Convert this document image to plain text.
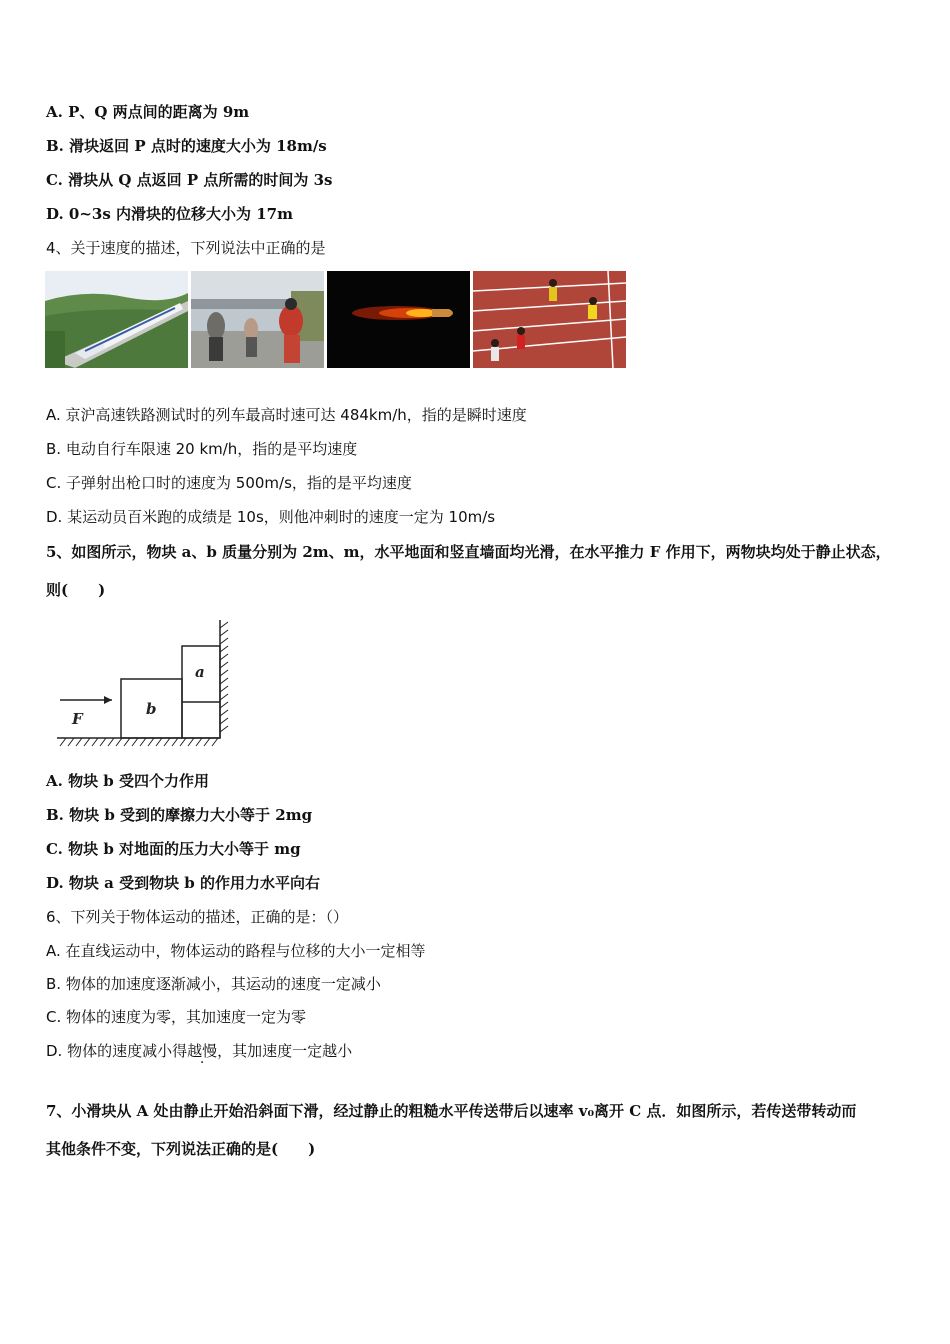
A. P、Q 两点间的距离为 9m
B. 滑块返回 P 点时的速度大小为 18m/s
C. 滑块从 Q 点返回 P 点所需的时间为 3s
D. 0~3s 内滑块的位移大小为 17m
4、关于速度的描述，下列说法中正确的是
A. 京沪高速铁路测试时的列车最高时速可达 484km/h，指的是瞬时速度
B. 电动自行车限速 20 km/h，指的是平均速度
C. 子弹射出枪口时的速度为 500m/s，指的是平均速度
D. 某运动员百米跑的成绩是 10s，则他冲刺时的速度一定为 10m/s
5、如图所示，物块 a、b 质量分别为 2m、m，水平地面和竖直墙面均光滑，在水平推力 F 作用下，两物块均处于静止状态，
则(　　)
F
b
a
A. 物块 b 受四个力作用
B. 物块 b 受到的摩擦力大小等于 2mg
C. 物块 b 对地面的压力大小等于 mg
D. 物块 a 受到物块 b 的作用力水平向右
6、下列关于物体运动的描述，正确的是：（）
A. 在直线运动中，物体运动的路程与位移的大小一定相等
B. 物体的加速度逐渐减小，其运动的速度一定减小
C. 物体的速度为零，其加速度一定为零
D. 物体的速度减小得越慢，其加速度一定越小
7、小滑块从 A 处由静止开始沿斜面下滑，经过静止的粗糙水平传送带后以速率 v₀离开 C 点．如图所示，若传送带转动而
其他条件不变，下列说法正确的是(　　)
